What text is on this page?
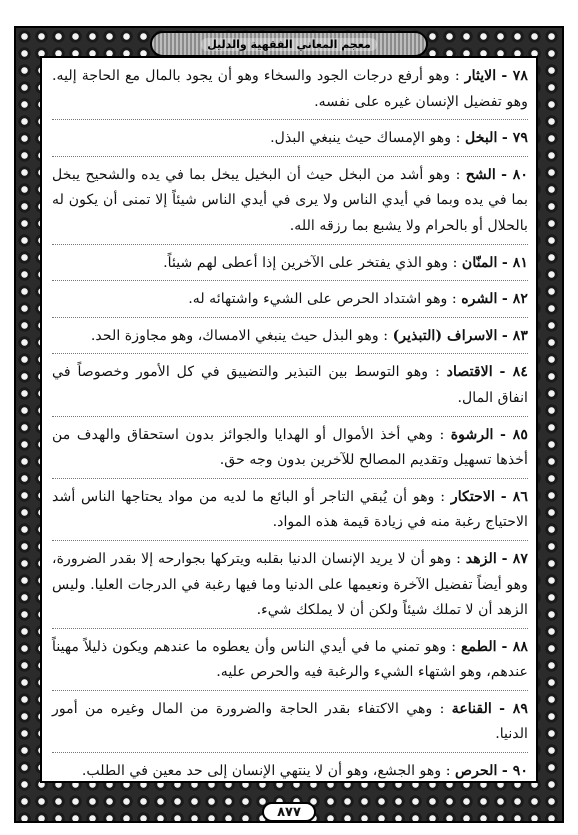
معجم المعاني الفقهية والدليل
٧٨ - الايثار : وهو أرفع درجات الجود والسخاء وهو أن يجود بالمال مع الحاجة إليه. وهو تفضيل الإنسان غيره على نفسه.
٧٩ - البخل : وهو الإمساك حيث ينبغي البذل.
٨٠ - الشح : وهو أشد من البخل حيث أن البخيل يبخل بما في يده والشحيح يبخل بما في يده وبما في أيدي الناس ولا يرى في أيدي الناس شيئاً إلا تمنى أن يكون له بالحلال أو بالحرام ولا يشبع بما رزقه الله.
٨١ - المنّان : وهو الذي يفتخر على الآخرين إذا أعطى لهم شيئاً.
٨٢ - الشره : وهو اشتداد الحرص على الشيء واشتهائه له.
٨٣ - الاسراف (التبذير) : وهو البذل حيث ينبغي الامساك، وهو مجاوزة الحد.
٨٤ - الاقتصاد : وهو التوسط بين التبذير والتضييق في كل الأمور وخصوصاً في انفاق المال.
٨٥ - الرشوة : وهي أخذ الأموال أو الهدايا والجوائز بدون استحقاق والهدف من أخذها تسهيل وتقديم المصالح للآخرين بدون وجه حق.
٨٦ - الاحتكار : وهو أن يُبقي التاجر أو البائع ما لديه من مواد يحتاجها الناس أشد الاحتياج رغبة منه في زيادة قيمة هذه المواد.
٨٧ - الزهد : وهو أن لا يريد الإنسان الدنيا بقلبه ويتركها بجوارحه إلا بقدر الضرورة، وهو أيضاً تفضيل الآخرة ونعيمها على الدنيا وما فيها رغبة في الدرجات العليا. وليس الزهد أن لا تملك شيئاً ولكن أن لا يملكك شيء.
٨٨ - الطمع : وهو تمني ما في أيدي الناس وأن يعطوه ما عندهم ويكون ذليلاً مهيناً عندهم، وهو اشتهاء الشيء والرغبة فيه والحرص عليه.
٨٩ - القناعة : وهي الاكتفاء بقدر الحاجة والضرورة من المال وغيره من أمور الدنيا.
٩٠ - الحرص : وهو الجشع، وهو أن لا ينتهي الإنسان إلى حد معين في الطلب.
٨٧٧
